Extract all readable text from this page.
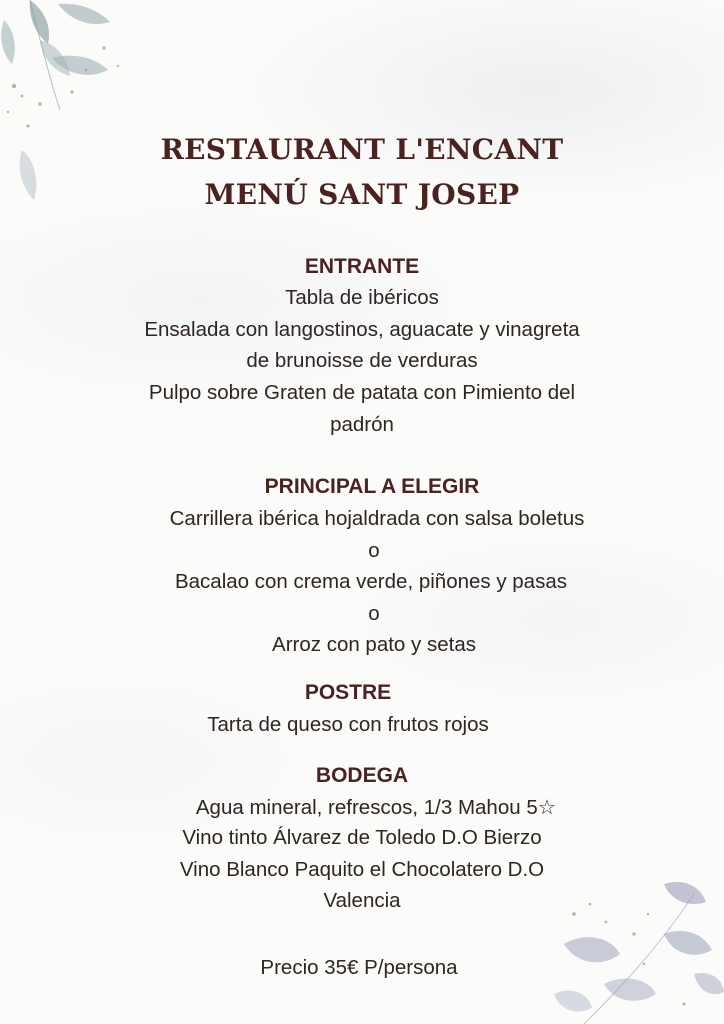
RESTAURANT L'ENCANT
MENÚ SANT JOSEP
ENTRANTE
Tabla de ibéricos
Ensalada con langostinos, aguacate y vinagreta
de brunoisse de verduras
Pulpo sobre Graten de patata con Pimiento del
padrón
PRINCIPAL A ELEGIR
Carrillera ibérica hojaldrada con salsa boletus
o
Bacalao con crema verde, piñones y pasas
o
Arroz con pato y setas
POSTRE
Tarta de queso con frutos rojos
BODEGA
Agua mineral, refrescos, 1/3 Mahou 5☆
Vino tinto Álvarez de Toledo D.O Bierzo
Vino Blanco Paquito el Chocolatero D.O
Valencia
Precio 35€ P/persona
